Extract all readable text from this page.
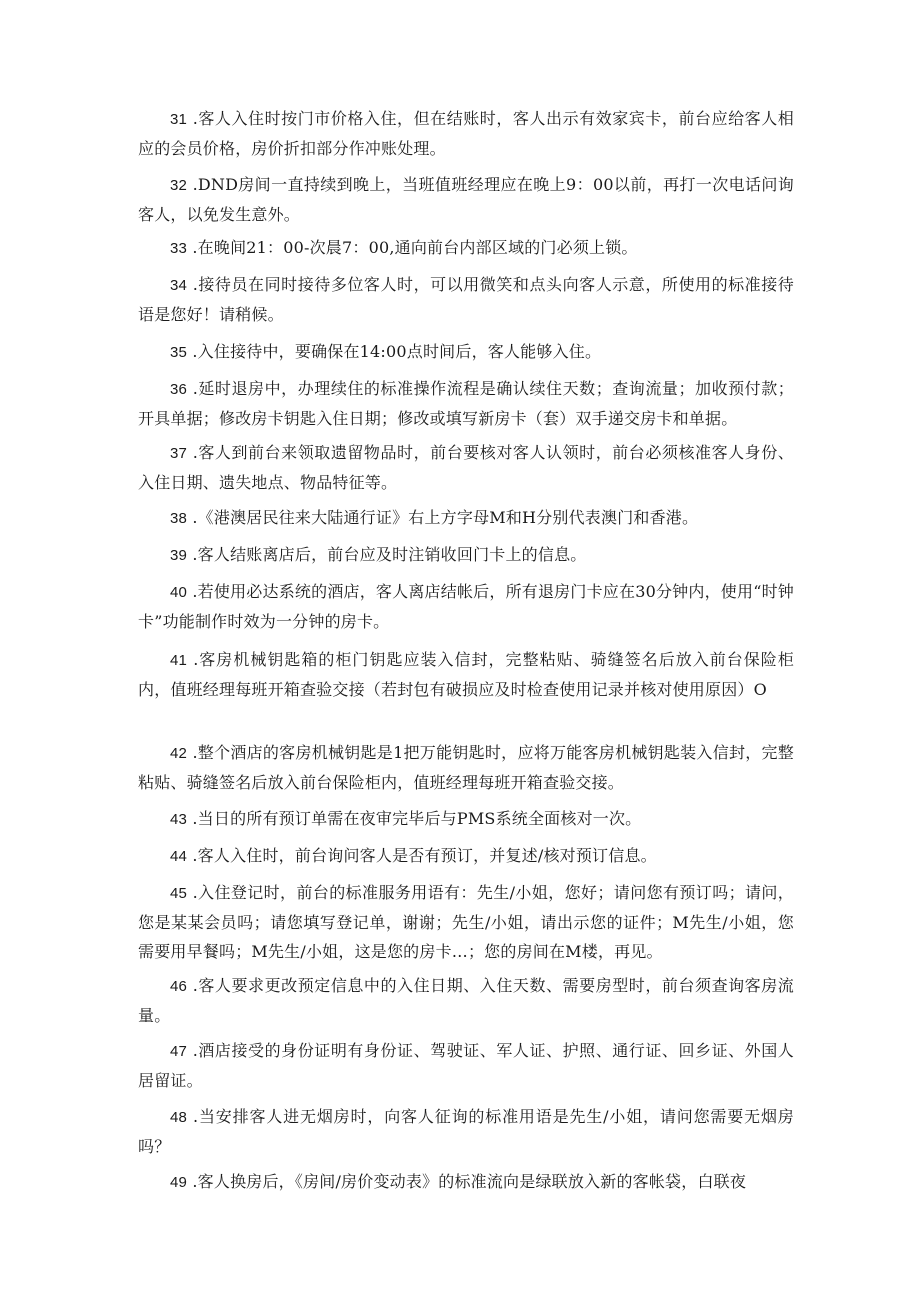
31 .客人入住时按门市价格入住，但在结账时，客人出示有效家宾卡，前台应给客人相应的会员价格，房价折扣部分作冲账处理。

32 .DND房间一直持续到晚上，当班值班经理应在晚上9：00以前，再打一次电话问询客人，以免发生意外。

33 .在晚间21：00-次晨7：00,通向前台内部区域的门必须上锁。

34 .接待员在同时接待多位客人时，可以用微笑和点头向客人示意，所使用的标准接待语是您好！请稍候。

35 .入住接待中，要确保在14:00点时间后，客人能够入住。

36 .延时退房中，办理续住的标准操作流程是确认续住天数；查询流量；加收预付款；开具单据；修改房卡钥匙入住日期；修改或填写新房卡（套）双手递交房卡和单据。

37 .客人到前台来领取遗留物品时，前台要核对客人认领时，前台必须核准客人身份、入住日期、遗失地点、物品特征等。

38 .《港澳居民往来大陆通行证》右上方字母M和H分别代表澳门和香港。

39 .客人结账离店后，前台应及时注销收回门卡上的信息。

40 .若使用必达系统的酒店，客人离店结帐后，所有退房门卡应在30分钟内，使用“时钟卡”功能制作时效为一分钟的房卡。

41 .客房机械钥匙箱的柜门钥匙应装入信封，完整粘贴、骑缝签名后放入前台保险柜内，值班经理每班开箱查验交接（若封包有破损应及时检查使用记录并核对使用原因）O

42 .整个酒店的客房机械钥匙是1把万能钥匙时，应将万能客房机械钥匙装入信封，完整粘贴、骑缝签名后放入前台保险柜内，值班经理每班开箱查验交接。

43 .当日的所有预订单需在夜审完毕后与PMS系统全面核对一次。

44 .客人入住时，前台询问客人是否有预订，并复述/核对预订信息。

45 .入住登记时，前台的标准服务用语有：先生/小姐，您好；请问您有预订吗；请问，您是某某会员吗；请您填写登记单，谢谢；先生/小姐，请出示您的证件；M先生/小姐，您需要用早餐吗；M先生/小姐，这是您的房卡…；您的房间在M楼，再见。

46 .客人要求更改预定信息中的入住日期、入住天数、需要房型时，前台须查询客房流量。

47 .酒店接受的身份证明有身份证、驾驶证、军人证、护照、通行证、回乡证、外国人居留证。

48 .当安排客人进无烟房时，向客人征询的标准用语是先生/小姐，请问您需要无烟房吗？

49 .客人换房后，《房间/房价变动表》的标准流向是绿联放入新的客帐袋，白联夜
